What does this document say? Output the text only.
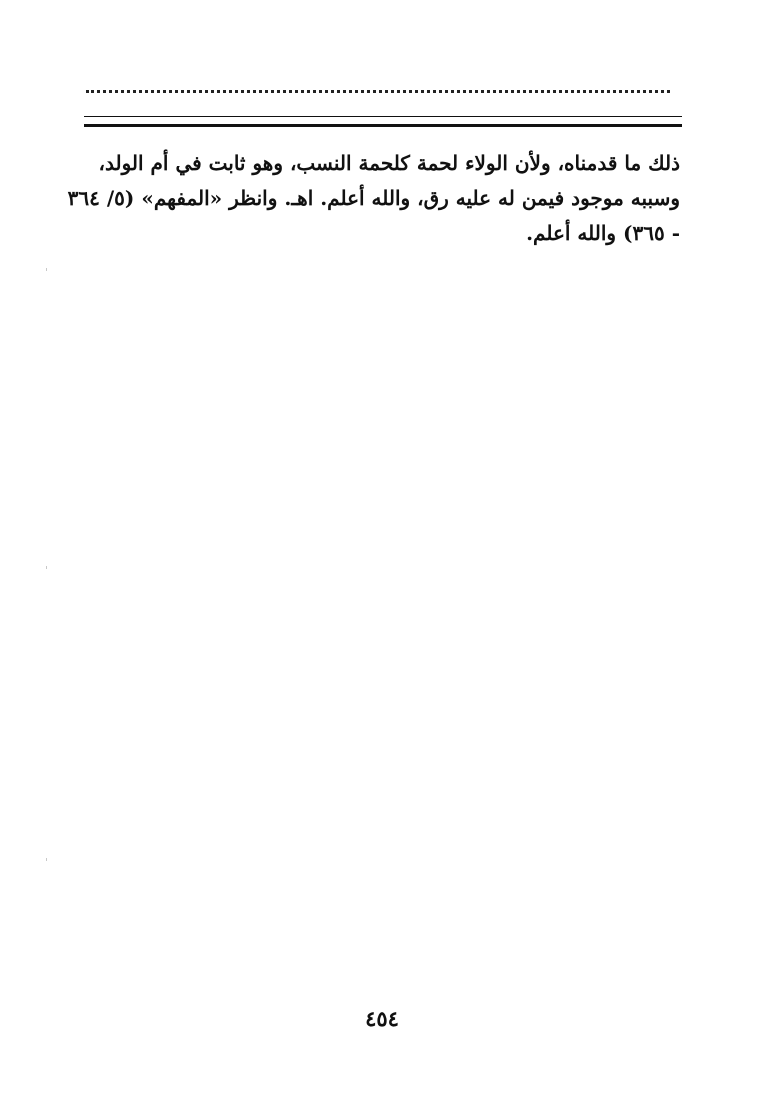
ذلك ما قدمناه، ولأن الولاء لحمة كلحمة النسب، وهو ثابت في أم الولد،
وسببه موجود فيمن له عليه رق، والله أعلم. اهـ. وانظر «المفهم» (٥/ ٣٦٤
- ٣٦٥) والله أعلم.

٤٥٤
